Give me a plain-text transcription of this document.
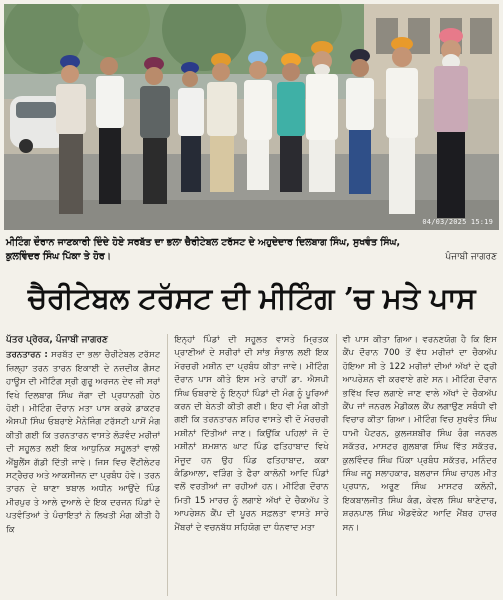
04/03/2025 15:19
ਮੀਟਿੰਗ ਦੌਰਾਨ ਜਾਣਕਾਰੀ ਦਿੰਦੇ ਹੋਏ ਸਰਬੱਤ ਦਾ ਭਲਾ ਚੈਰੀਟੇਬਲ ਟਰੱਸਟ ਦੇ ਅਹੁਦੇਦਾਰ ਦਿਲਬਾਗ ਸਿੰਘ, ਸੁਖਵੰਤ ਸਿੰਘ,
ਕੁਲਵਿੰਦਰ ਸਿੰਘ ਪਿੱਕਾ ਤੇ ਹੋਰ।	ਪੰਜਾਬੀ ਜਾਗਰਣ
ਚੈਰੀਟੇਬਲ ਟਰੱਸਟ ਦੀ ਮੀਟਿੰਗ ’ਚ ਮਤੇ ਪਾਸ
ਪੱਤਰ ਪ੍ਰੇਰਕ, ਪੰਜਾਬੀ ਜਾਗਰਣ

ਤਰਨਤਾਰਨ : ਸਰਬੱਤ ਦਾ ਭਲਾ ਚੈਰੀਟੇਬਲ ਟਰੱਸਟ ਜ਼ਿਲ੍ਹਾ ਤਰਨ ਤਾਰਨ ਇਕਾਈ ਦੇ ਨਜ਼ਦੀਕ ਗੈਸਟ ਹਾਊਸ ਦੀ ਮੀਟਿੰਗ ਸ੍ਰੀ ਗੁਰੂ ਅਰਜਨ ਦੇਵ ਜੀ ਸਰਾਂ ਵਿਖੇ ਦਿਲਬਾਗ ਸਿੰਘ ਜੱਗਾ ਦੀ ਪ੍ਰਧਾਨਗੀ ਹੇਠ ਹੋਈ। ਮੀਟਿੰਗ ਦੌਰਾਨ ਮਤਾ ਪਾਸ ਕਰਕੇ ਡਾਕਟਰ ਐਸਪੀ ਸਿੰਘ ਓਬਰਾਏ ਮੈਨੇਜਿੰਗ ਟਰੱਸਟੀ ਪਾਸੋਂ ਮੰਗ ਕੀਤੀ ਗਈ ਕਿ ਤਰਨਤਾਰਨ ਵਾਸਤੇ ਲੋੜਵੰਦ ਮਰੀਜ਼ਾਂ ਦੀ ਸਹੂਲਤ ਲਈ ਇਕ ਆਧੁਨਿਕ ਸਹੂਲਤਾਂ ਵਾਲੀ ਐਂਬੂਲੈਂਸ ਗੱਡੀ ਦਿੱਤੀ ਜਾਵੇ। ਜਿਸ ਵਿਚ ਵੈਂਟੀਲੇਟਰ ਸਟ੍ਰੈਚਰ ਅਤੇ ਆਕਸੀਜਨ ਦਾ ਪ੍ਰਬੰਧ ਹੋਵੇ। ਤਰਨ ਤਾਰਨ ਦੇ ਥਾਣਾ ਝਬਾਲ ਅਧੀਨ ਆਉਂਦੇ ਪਿੰਡ ਮੀਰਪੁਰ ਤੇ ਆਲੇ ਦੁਆਲੇ ਦੇ ਇਕ ਦਰਜਨ ਪਿੰਡਾਂ ਦੇ ਪਤਵੰਤਿਆਂ ਤੇ ਪੰਚਾਇਤਾਂ ਨੇ ਲਿਖਤੀ ਮੰਗ ਕੀਤੀ ਹੈ ਕਿ

ਇਨ੍ਹਾਂ ਪਿੰਡਾਂ ਦੀ ਸਹੂਲਤ ਵਾਸਤੇ ਮ੍ਰਿਤਕ ਪ੍ਰਾਣੀਆਂ ਦੇ ਸਰੀਰਾਂ ਦੀ ਸਾਂਭ ਸੰਭਾਲ ਲਈ ਇਕ ਮੋਰਚਰੀ ਮਸ਼ੀਨ ਦਾ ਪ੍ਰਬੰਧ ਕੀਤਾ ਜਾਵੇ। ਮੀਟਿੰਗ ਦੌਰਾਨ ਪਾਸ ਕੀਤੇ ਇਸ ਮਤੇ ਰਾਹੀਂ ਡਾ. ਐਸਪੀ ਸਿੰਘ ਓਬਰਾਏ ਨੂੰ ਇਨ੍ਹਾਂ ਪਿੰਡਾਂ ਦੀ ਮੰਗ ਨੂੰ ਪੂਰਿਆਂ ਕਰਨ ਦੀ ਬੇਨਤੀ ਕੀਤੀ ਗਈ। ਇਹ ਵੀ ਮੰਗ ਕੀਤੀ ਗਈ ਕਿ ਤਰਨਤਾਰਨ ਸ਼ਹਿਰ ਵਾਸਤੇ ਵੀ ਦੋ ਮੋਰਚਰੀ ਮਸ਼ੀਨਾਂ ਦਿੱਤੀਆਂ ਜਾਣ। ਕਿਉਂਕਿ ਪਹਿਲਾਂ ਜੋ ਦੋ ਮਸ਼ੀਨਾਂ ਸ਼ਮਸ਼ਾਨ ਘਾਟ ਪਿੰਡ ਫਤਿਹਾਬਾਦ ਵਿਖੇ ਮੌਜੂਦ ਹਨ ਉਹ ਪਿੰਡ ਫਤਿਹਾਬਾਦ, ਕਕਾ ਕੰਡਿਆਲਾ, ਵੜਿੰਗ ਤੇ ਫੈਰਾ ਕਾਲੋਨੀ ਆਦਿ ਪਿੰਡਾਂ ਵਲੋਂ ਵਰਤੀਆਂ ਜਾ ਰਹੀਆਂ ਹਨ। ਮੀਟਿੰਗ ਦੌਰਾਨ ਮਿਤੀ 15 ਮਾਰਚ ਨੂੰ ਲਗਾਏ ਅੱਖਾਂ ਦੇ ਚੈਕਅੱਪ ਤੇ ਆਪਰੇਸ਼ਨ ਕੈਂਪ ਦੀ ਪੂਰਨ ਸਫ਼ਲਤਾ ਵਾਸਤੇ ਸਾਰੇ ਮੈਂਬਰਾਂ ਦੇ ਵਚਨਬੱਧ ਸਹਿਯੋਗ ਦਾ ਧੰਨਵਾਦ ਮਤਾ

ਵੀ ਪਾਸ ਕੀਤਾ ਗਿਆ। ਵਰਨਣਯੋਗ ਹੈ ਕਿ ਇਸ ਕੈਂਪ ਦੌਰਾਨ 700 ਤੋਂ ਵੱਧ ਮਰੀਜ਼ਾਂ ਦਾ ਚੈਕਅੱਪ ਹੋਇਆ ਸੀ ਤੇ 122 ਮਰੀਜ਼ਾਂ ਦੀਆਂ ਅੱਖਾਂ ਦੇ ਫ੍ਰੀ ਆਪਰੇਸ਼ਨ ਵੀ ਕਰਵਾਏ ਗਏ ਸਨ। ਮੀਟਿੰਗ ਦੌਰਾਨ ਭਵਿੱਖ ਵਿਚ ਲਗਾਏ ਜਾਣ ਵਾਲੇ ਅੱਖਾਂ ਦੇ ਚੈਕਅੱਪ ਕੈਂਪ ਜਾਂ ਜਨਰਲ ਮੈਡੀਕਲ ਕੈਂਪ ਲਗਾਉਣ ਸਬੰਧੀ ਵੀ ਵਿਚਾਰ ਕੀਤਾ ਗਿਆ। ਮੀਟਿੰਗ ਵਿਚ ਸੁਖਵੰਤ ਸਿੰਘ ਧਾਮੀ ਪੈਟਰਨ, ਕੁਲਜਸ਼ਬੀਰ ਸਿੰਘ ਰੰਗ ਜਨਰਲ ਸਕੱਤਰ, ਮਾਸਟਰ ਗੁਲਬਾਗ ਸਿੰਘ ਵਿੱਤ ਸਕੱਤਰ, ਕੁਲਵਿੰਦਰ ਸਿੰਘ ਪਿੱਕਾ ਪ੍ਰਬੰਧ ਸਕੱਤਰ, ਮਨਿੰਦਰ ਸਿੰਘ ਜਨੂ ਸਲਾਹਕਾਰ, ਬਲਰਾਜ ਸਿੰਘ ਚਾਹਲ ਮੀਤ ਪ੍ਰਧਾਨ, ਅਰੂਣ ਸਿੰਘ ਮਾਸਟਰ ਕਲੋਨੀ, ਇਕਬਾਲਜੀਤ ਸਿੰਘ ਕੰਗ, ਕੇਵਲ ਸਿੰਘ ਥਾਣੇਦਾਰ, ਸ਼ਰਨਪਾਲ ਸਿੰਘ ਐਡਵੋਕੇਟ ਆਦਿ ਮੈਂਬਰ ਹਾਜ਼ਰ ਸਨ।
